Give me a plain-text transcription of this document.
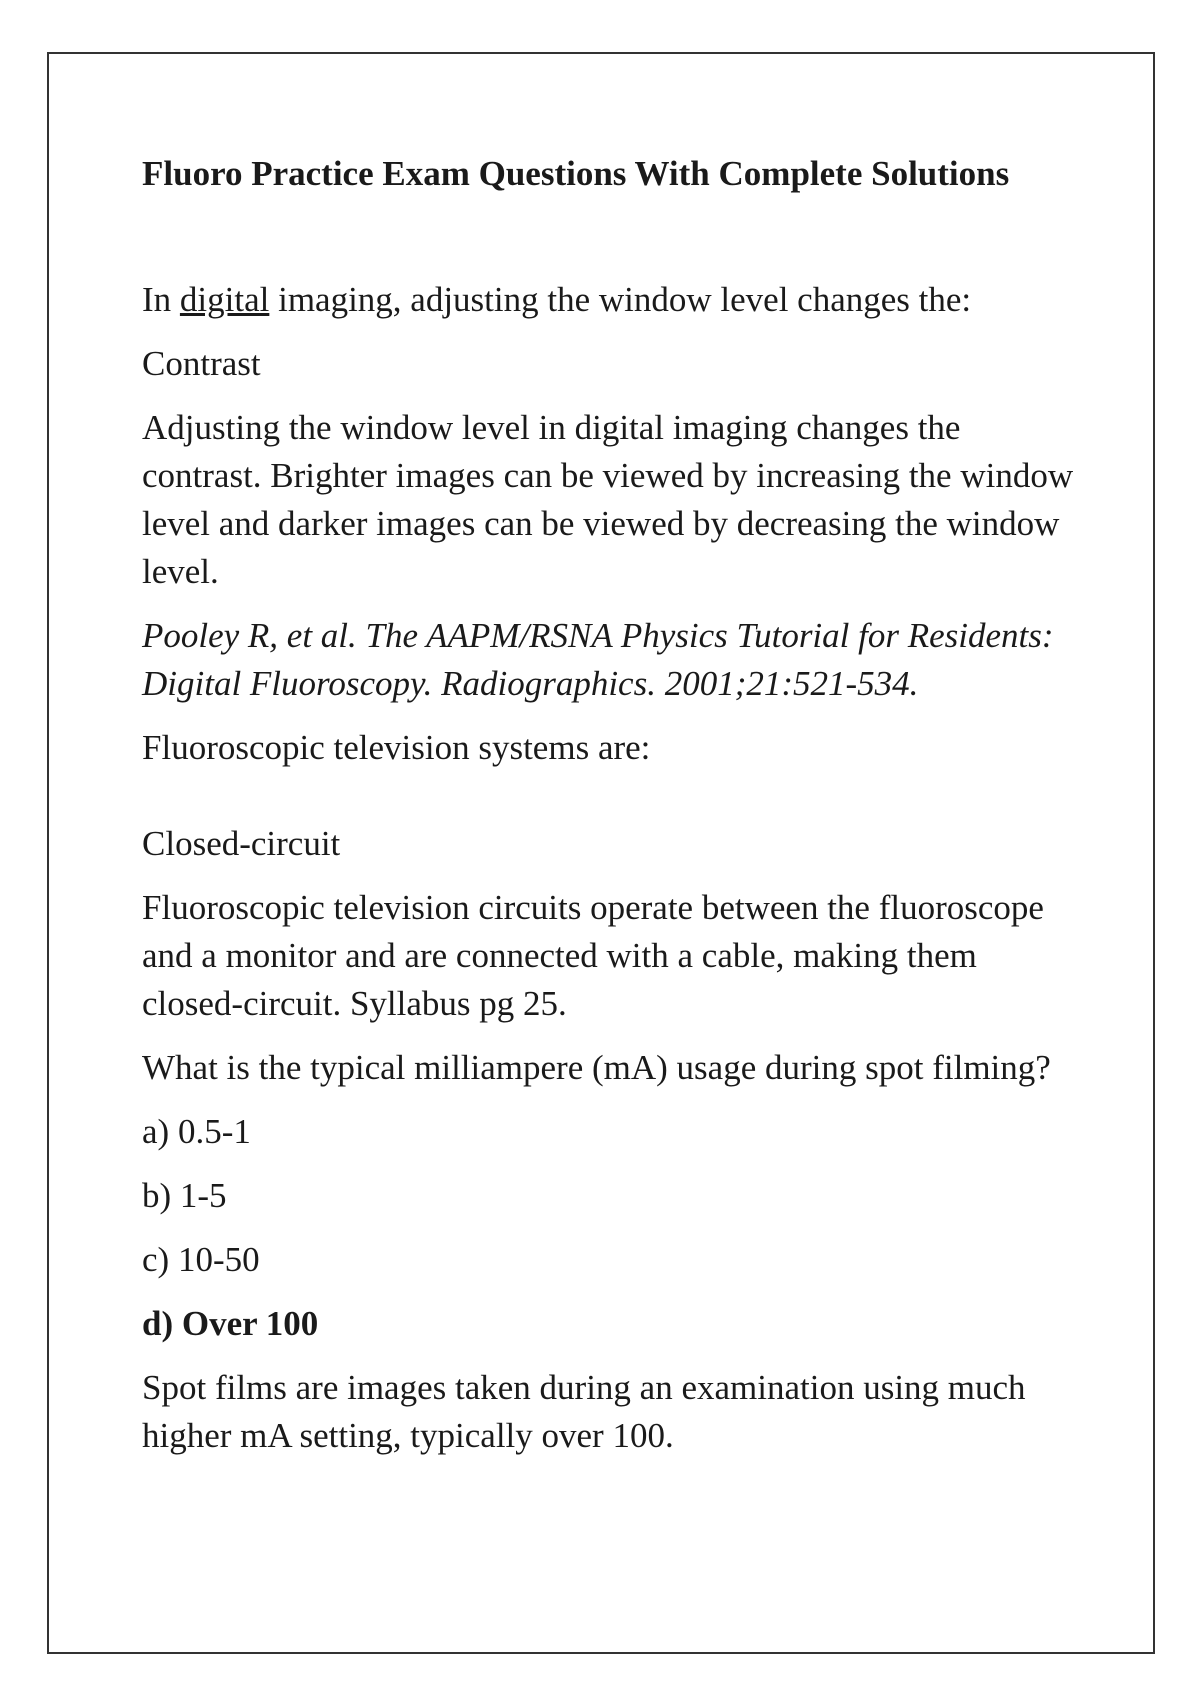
Fluoro Practice Exam Questions With Complete Solutions

In digital imaging, adjusting the window level changes the:

Contrast

Adjusting the window level in digital imaging changes the contrast. Brighter images can be viewed by increasing the window level and darker images can be viewed by decreasing the window level.

Pooley R, et al. The AAPM/RSNA Physics Tutorial for Residents: Digital Fluoroscopy. Radiographics. 2001;21:521-534.

Fluoroscopic television systems are:

Closed-circuit

Fluoroscopic television circuits operate between the fluoroscope and a monitor and are connected with a cable, making them closed-circuit. Syllabus pg 25.

What is the typical milliampere (mA) usage during spot filming?

a) 0.5-1

b) 1-5

c) 10-50

d) Over 100

Spot films are images taken during an examination using much higher mA setting, typically over 100.
